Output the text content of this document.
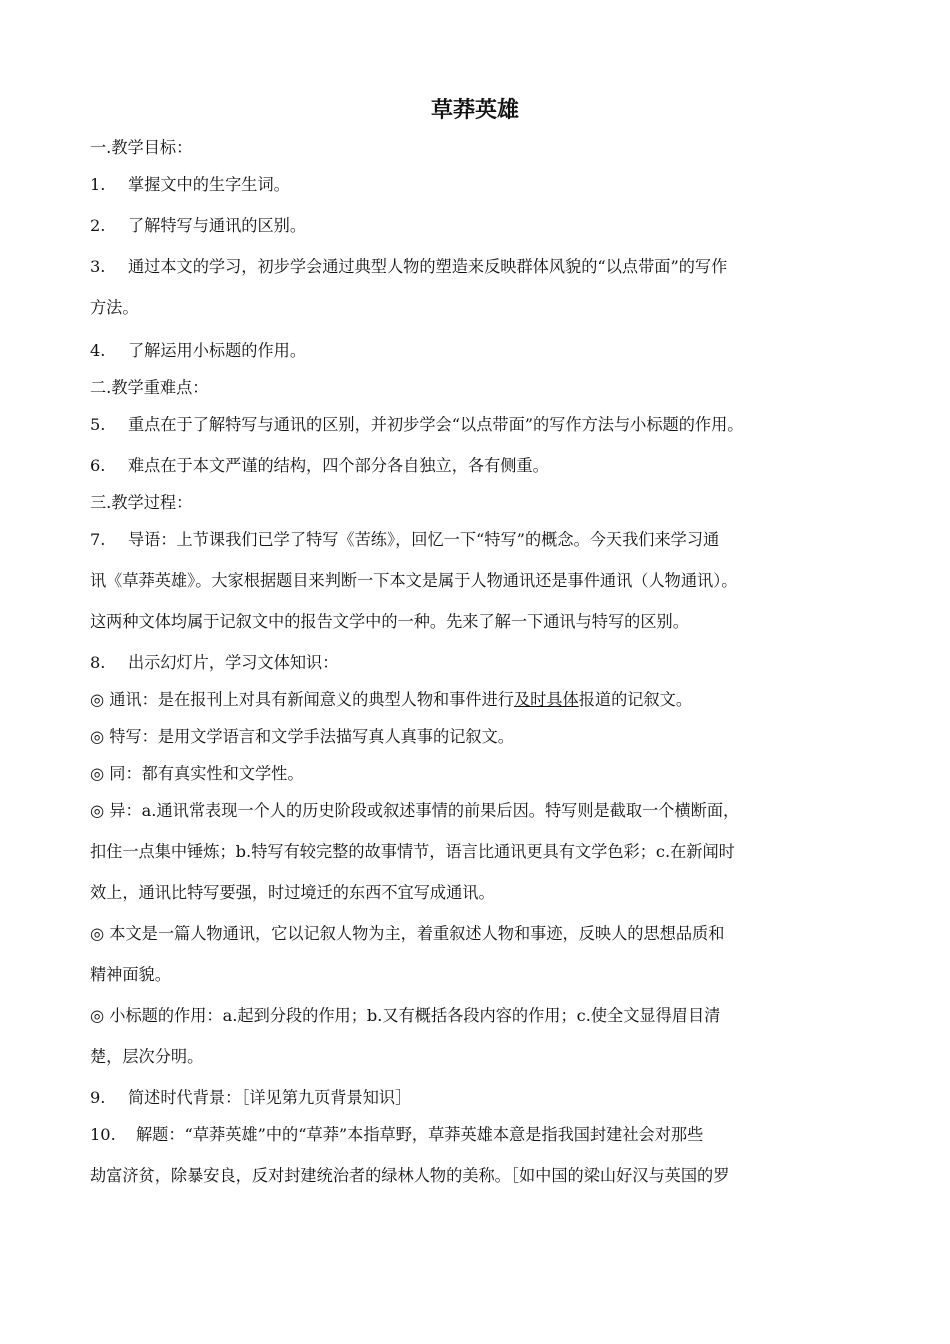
草莽英雄
一.教学目标：
1. 掌握文中的生字生词。
2. 了解特写与通讯的区别。
3. 通过本文的学习，初步学会通过典型人物的塑造来反映群体风貌的“以点带面”的写作
方法。
4. 了解运用小标题的作用。
二.教学重难点：
5. 重点在于了解特写与通讯的区别，并初步学会“以点带面”的写作方法与小标题的作用。
6. 难点在于本文严谨的结构，四个部分各自独立，各有侧重。
三.教学过程：
7. 导语：上节课我们已学了特写《苦练》，回忆一下“特写”的概念。今天我们来学习通
讯《草莽英雄》。大家根据题目来判断一下本文是属于人物通讯还是事件通讯（人物通讯）。
这两种文体均属于记叙文中的报告文学中的一种。先来了解一下通讯与特写的区别。
8. 出示幻灯片，学习文体知识：
◎ 通讯：是在报刊上对具有新闻意义的典型人物和事件进行及时具体报道的记叙文。
◎ 特写：是用文学语言和文学手法描写真人真事的记叙文。
◎ 同：都有真实性和文学性。
◎ 异：a.通讯常表现一个人的历史阶段或叙述事情的前果后因。特写则是截取一个横断面，
扣住一点集中锤炼；b.特写有较完整的故事情节，语言比通讯更具有文学色彩；c.在新闻时
效上，通讯比特写要强，时过境迁的东西不宜写成通讯。
◎ 本文是一篇人物通讯，它以记叙人物为主，着重叙述人物和事迹，反映人的思想品质和
精神面貌。
◎ 小标题的作用：a.起到分段的作用；b.又有概括各段内容的作用；c.使全文显得眉目清
楚，层次分明。
9. 简述时代背景：［详见第九页背景知识］
10. 解题：“草莽英雄”中的“草莽”本指草野，草莽英雄本意是指我国封建社会对那些
劫富济贫，除暴安良，反对封建统治者的绿林人物的美称。［如中国的梁山好汉与英国的罗
